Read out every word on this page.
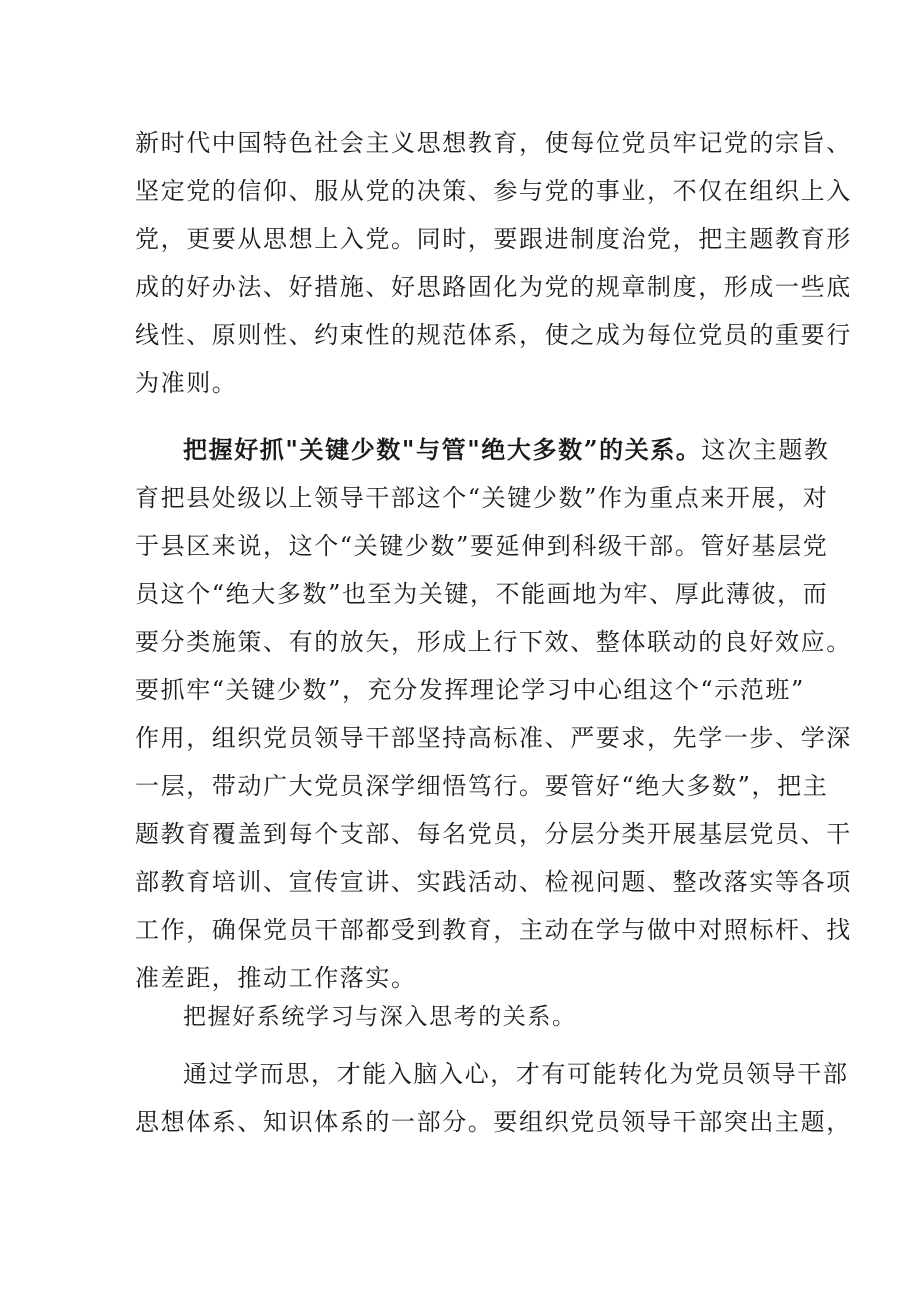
新时代中国特色社会主义思想教育，使每位党员牢记党的宗旨、
坚定党的信仰、服从党的决策、参与党的事业，不仅在组织上入
党，更要从思想上入党。同时，要跟进制度治党，把主题教育形
成的好办法、好措施、好思路固化为党的规章制度，形成一些底
线性、原则性、约束性的规范体系，使之成为每位党员的重要行
为准则。
把握好抓"关键少数"与管"绝大多数”的关系。这次主题教
育把县处级以上领导干部这个“关键少数”作为重点来开展，对
于县区来说，这个“关键少数”要延伸到科级干部。管好基层党
员这个“绝大多数”也至为关键，不能画地为牢、厚此薄彼，而
要分类施策、有的放矢，形成上行下效、整体联动的良好效应。
要抓牢“关键少数”，充分发挥理论学习中心组这个“示范班”
作用，组织党员领导干部坚持高标准、严要求，先学一步、学深
一层，带动广大党员深学细悟笃行。要管好“绝大多数”，把主
题教育覆盖到每个支部、每名党员，分层分类开展基层党员、干
部教育培训、宣传宣讲、实践活动、检视问题、整改落实等各项
工作，确保党员干部都受到教育，主动在学与做中对照标杆、找
准差距，推动工作落实。
把握好系统学习与深入思考的关系。
通过学而思，才能入脑入心，才有可能转化为党员领导干部
思想体系、知识体系的一部分。要组织党员领导干部突出主题，
